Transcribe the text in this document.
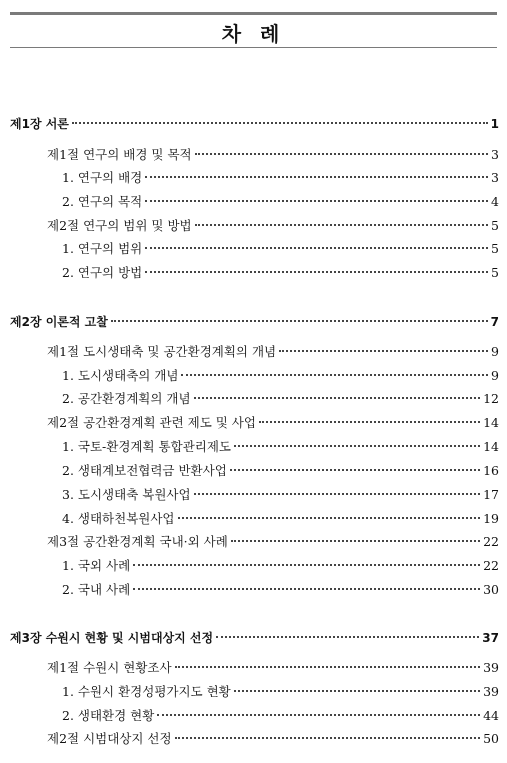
차 례
제1장 서론	1
제1절 연구의 배경 및 목적	3
1. 연구의 배경	3
2. 연구의 목적	4
제2절 연구의 범위 및 방법	5
1. 연구의 범위	5
2. 연구의 방법	5
제2장 이론적 고찰	7
제1절 도시생태축 및 공간환경계획의 개념	9
1. 도시생태축의 개념	9
2. 공간환경계획의 개념	12
제2절 공간환경계획 관련 제도 및 사업	14
1. 국토-환경계획 통합관리제도	14
2. 생태계보전협력금 반환사업	16
3. 도시생태축 복원사업	17
4. 생태하천복원사업	19
제3절 공간환경계획 국내·외 사례	22
1. 국외 사례	22
2. 국내 사례	30
제3장 수원시 현황 및 시범대상지 선정	37
제1절 수원시 현황조사	39
1. 수원시 환경성평가지도 현황	39
2. 생태환경 현황	44
제2절 시범대상지 선정	50
